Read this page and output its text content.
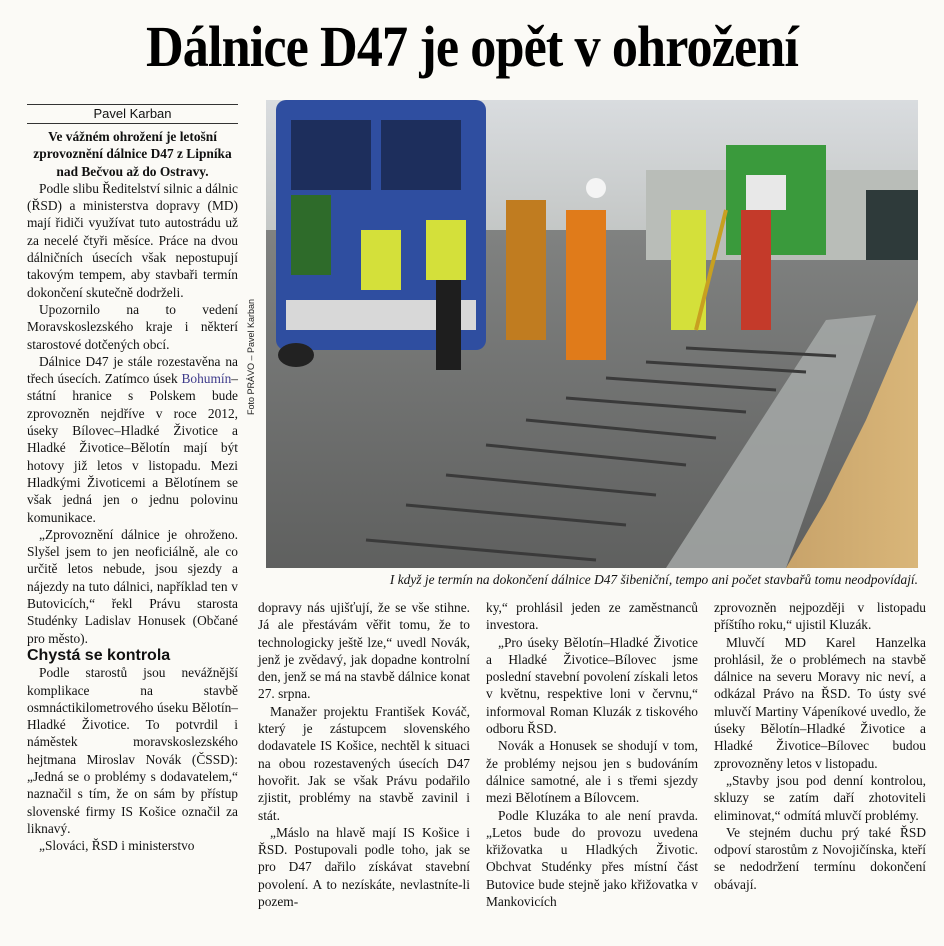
Dálnice D47 je opět v ohrožení
Pavel Karban

Ve vážném ohrožení je letošní zprovoznění dálnice D47 z Lipníka nad Bečvou až do Ostravy.

Podle slibu Ředitelství silnic a dálnic (ŘSD) a ministerstva dopravy (MD) mají řidiči využívat tuto autostrádu už za necelé čtyři měsíce. Práce na dvou dálničních úsecích však nepostupují takovým tempem, aby stavbaři termín dokončení skutečně dodrželi.

Upozornilo na to vedení Moravskoslezského kraje i některí starostové dotčených obcí.

Dálnice D47 je stále rozestavěna na třech úsecích. Zatímco úsek Bohumín–státní hranice s Polskem bude zprovozněn nejdříve v roce 2012, úseky Bílovec–Hladké Životice a Hladké Životice–Bělotín mají být hotovy již letos v listopadu. Mezi Hladkými Životicemi a Bělotínem se však jedná jen o jednu polovinu komunikace.

„Zprovoznění dálnice je ohroženo. Slyšel jsem to jen neoficiálně, ale co určitě letos nebude, jsou sjezdy a nájezdy na tuto dálnici, například ten v Butovicích,“ řekl Právu starosta Studénky Ladislav Honusek (Občané pro město).

Chystá se kontrola

Podle starostů jsou nevážnější komplikace na stavbě osmnáctikilometrového úseku Bělotín–Hladké Životice. To potvrdil i náměstek moravskoslezského hejtmana Miroslav Novák (ČSSD): „Jedná se o problémy s dodavatelem,“ naznačil s tím, že on sám by přístup slovenské firmy IS Košice označil za liknavý.

„Slováci, ŘSD i ministerstvo

Foto PRÁVO – Pavel Karban
I když je termín na dokončení dálnice D47 šibeniční, tempo ani počet stavbařů tomu neodpovídají.

dopravy nás ujišťují, že se vše stihne. Já ale přestávám věřit tomu, že to technologicky ještě lze,“ uvedl Novák, jenž je zvědavý, jak dopadne kontrolní den, jenž se má na stavbě dálnice konat 27. srpna.

Manažer projektu František Kováč, který je zástupcem slovenského dodavatele IS Košice, nechtěl k situaci na obou rozestavených úsecích D47 hovořit. Jak se však Právu podařilo zjistit, problémy na stavbě zavinil i stát.

„Máslo na hlavě mají IS Košice i ŘSD. Postupovali podle toho, jak se pro D47 dařilo získávat stavební povolení. A to nezískáte, nevlastníte-li pozem-

ky,“ prohlásil jeden ze zaměstnanců investora.

„Pro úseky Bělotín–Hladké Životice a Hladké Životice–Bílovec jsme poslední stavební povolení získali letos v květnu, respektive loni v červnu,“ informoval Roman Kluzák z tiskového odboru ŘSD.

Novák a Honusek se shodují v tom, že problémy nejsou jen s budováním dálnice samotné, ale i s třemi sjezdy mezi Bělotínem a Bílovcem.

Podle Kluzáka to ale není pravda. „Letos bude do provozu uvedena křižovatka u Hladkých Životic. Obchvat Studénky přes místní část Butovice bude stejně jako křižovatka v Mankovicích

zprovozněn nejpozději v listopadu příštího roku,“ ujistil Kluzák.

Mluvčí MD Karel Hanzelka prohlásil, že o problémech na stavbě dálnice na severu Moravy nic neví, a odkázal Právo na ŘSD. To ústy své mluvčí Martiny Vápeníkové uvedlo, že úseky Bělotín–Hladké Životice a Hladké Životice–Bílovec budou zprovozněny letos v listopadu.

„Stavby jsou pod denní kontrolou, skluzy se zatím daří zhotoviteli eliminovat,“ odmítá mluvčí problémy.

Ve stejném duchu prý také ŘSD odpoví starostům z Novojičínska, kteří se nedodržení termínu dokončení obávají.
